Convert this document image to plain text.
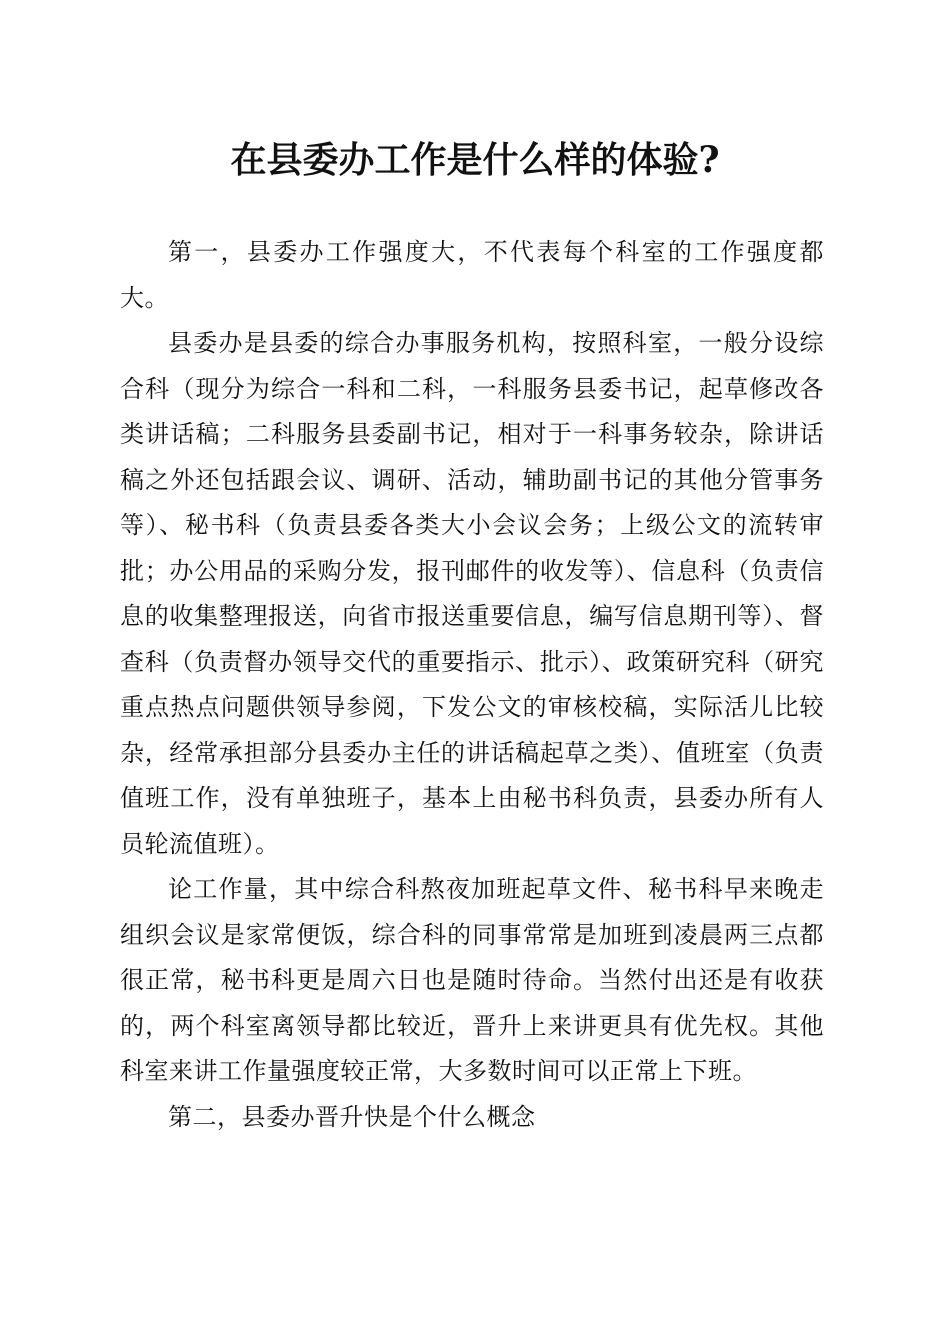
在县委办工作是什么样的体验?

第一，县委办工作强度大，不代表每个科室的工作强度都大。

县委办是县委的综合办事服务机构，按照科室，一般分设综合科（现分为综合一科和二科，一科服务县委书记，起草修改各类讲话稿；二科服务县委副书记，相对于一科事务较杂，除讲话稿之外还包括跟会议、调研、活动，辅助副书记的其他分管事务等）、秘书科（负责县委各类大小会议会务；上级公文的流转审批；办公用品的采购分发，报刊邮件的收发等）、信息科（负责信息的收集整理报送，向省市报送重要信息，编写信息期刊等）、督查科（负责督办领导交代的重要指示、批示）、政策研究科（研究重点热点问题供领导参阅，下发公文的审核校稿，实际活儿比较杂，经常承担部分县委办主任的讲话稿起草之类）、值班室（负责值班工作，没有单独班子，基本上由秘书科负责，县委办所有人员轮流值班）。

论工作量，其中综合科熬夜加班起草文件、秘书科早来晚走组织会议是家常便饭，综合科的同事常常是加班到凌晨两三点都很正常，秘书科更是周六日也是随时待命。当然付出还是有收获的，两个科室离领导都比较近，晋升上来讲更具有优先权。其他科室来讲工作量强度较正常，大多数时间可以正常上下班。

第二，县委办晋升快是个什么概念
